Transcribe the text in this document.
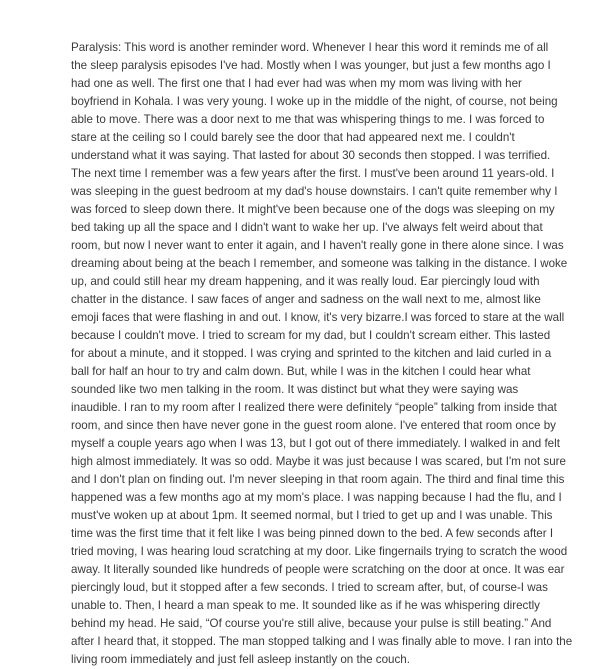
Paralysis: This word is another reminder word. Whenever I hear this word it reminds me of all
the sleep paralysis episodes I've had. Mostly when I was younger, but just a few months ago I
had one as well. The first one that I had ever had was when my mom was living with her
boyfriend in Kohala. I was very young. I woke up in the middle of the night, of course, not being
able to move. There was a door next to me that was whispering things to me. I was forced to
stare at the ceiling so I could barely see the door that had appeared next me. I couldn't
understand what it was saying. That lasted for about 30 seconds then stopped. I was terrified.
The next time I remember was a few years after the first. I must've been around 11 years-old. I
was sleeping in the guest bedroom at my dad's house downstairs. I can't quite remember why I
was forced to sleep down there. It might've been because one of the dogs was sleeping on my
bed taking up all the space and I didn't want to wake her up. I've always felt weird about that
room, but now I never want to enter it again, and I haven't really gone in there alone since. I was
dreaming about being at the beach I remember, and someone was talking in the distance. I woke
up, and could still hear my dream happening, and it was really loud. Ear piercingly loud with
chatter in the distance. I saw faces of anger and sadness on the wall next to me, almost like
emoji faces that were flashing in and out. I know, it's very bizarre.I was forced to stare at the wall
because I couldn't move. I tried to scream for my dad, but I couldn't scream either. This lasted
for about a minute, and it stopped. I was crying and sprinted to the kitchen and laid curled in a
ball for half an hour to try and calm down. But, while I was in the kitchen I could hear what
sounded like two men talking in the room. It was distinct but what they were saying was
inaudible. I ran to my room after I realized there were definitely “people” talking from inside that
room, and since then have never gone in the guest room alone. I've entered that room once by
myself a couple years ago when I was 13, but I got out of there immediately. I walked in and felt
high almost immediately. It was so odd. Maybe it was just because I was scared, but I'm not sure
and I don't plan on finding out. I'm never sleeping in that room again. The third and final time this
happened was a few months ago at my mom's place. I was napping because I had the flu, and I
must've woken up at about 1pm. It seemed normal, but I tried to get up and I was unable. This
time was the first time that it felt like I was being pinned down to the bed. A few seconds after I
tried moving, I was hearing loud scratching at my door. Like fingernails trying to scratch the wood
away. It literally sounded like hundreds of people were scratching on the door at once. It was ear
piercingly loud, but it stopped after a few seconds. I tried to scream after, but, of course-I was
unable to. Then, I heard a man speak to me. It sounded like as if he was whispering directly
behind my head. He said, “Of course you're still alive, because your pulse is still beating.” And
after I heard that, it stopped. The man stopped talking and I was finally able to move. I ran into the
living room immediately and just fell asleep instantly on the couch.
